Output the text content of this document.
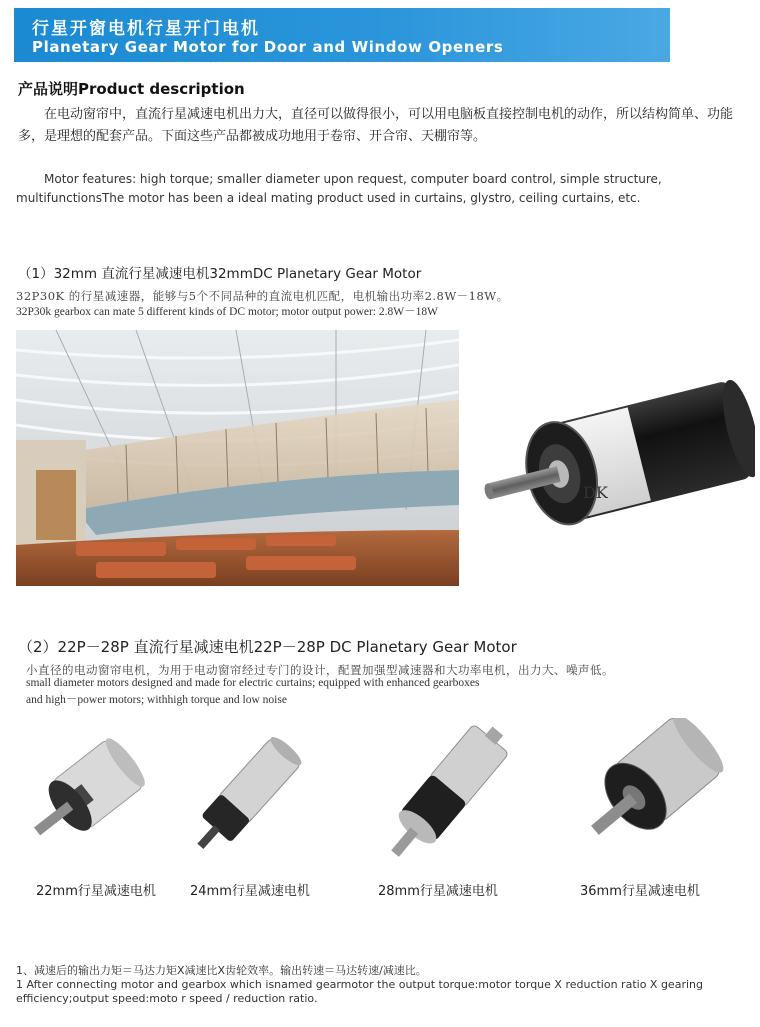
行星开窗电机行星开门电机
Planetary Gear Motor for Door and Window Openers
产品说明Product description
在电动窗帘中，直流行星减速电机出力大，直径可以做得很小，可以用电脑板直接控制电机的动作，所以结构简单、功能多，是理想的配套产品。下面这些产品都被成功地用于卷帘、开合帘、天棚帘等。
Motor features: high torque; smaller diameter upon request, computer board control, simple structure, multifunctionsThe motor has been a ideal mating product used in curtains, glystro, ceiling curtains, etc.
（1）32mm 直流行星减速电机32mmDC Planetary Gear Motor
32P30K 的行星减速器，能够与5个不同品种的直流电机匹配，电机输出功率2.8W－18W。
32P30k gearbox can mate 5 different kinds of DC motor; motor output power: 2.8W－18W
DK
（2）22P－28P 直流行星减速电机22P－28P DC Planetary Gear Motor
小直径的电动窗帘电机，为用于电动窗帘经过专门的设计，配置加强型减速器和大功率电机，出力大、噪声低。
small diameter motors designed and made for electric curtains; equipped with enhanced gearboxes
and high－power motors; withhigh torque and low noise
22mm行星减速电机	24mm行星减速电机	28mm行星减速电机	36mm行星减速电机
1、减速后的输出力矩＝马达力矩X减速比X齿轮效率。输出转速＝马达转速/减速比。
1 After connecting motor and gearbox which isnamed gearmotor the output torque:motor torque X reduction ratio X gearing efficiency;output speed:moto r speed / reduction ratio.
